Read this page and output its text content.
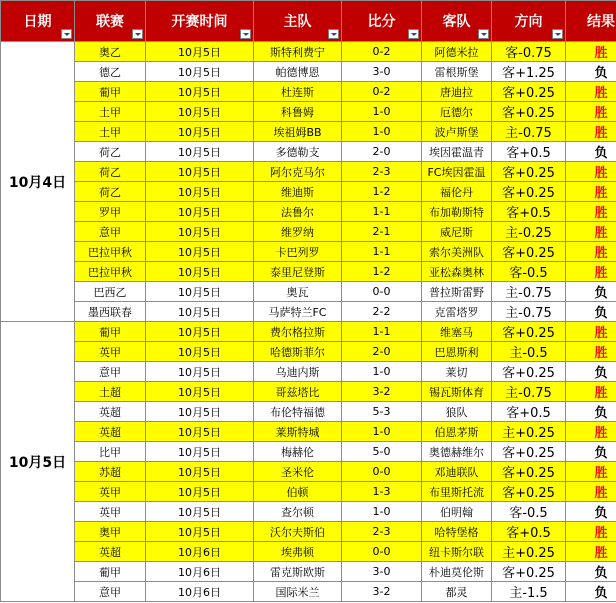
日期	联赛	开赛时间	主队	比分	客队	方向	结果

10月4日	奥乙	10月5日	斯特利费宁	0-2	阿德米拉	客-0.75	胜
	德乙	10月5日	帕德博恩	3-0	雷根斯堡	客+1.25	负
	葡甲	10月5日	杜连斯	0-2	唐迪拉	客+0.25	胜
	土甲	10月5日	科鲁姆	1-0	厄德尔	客+0.25	胜
	土甲	10月5日	埃祖姆BB	1-0	波卢斯堡	主-0.75	胜
	荷乙	10月5日	多德勒支	2-0	埃因霍温青	客+0.5	负
	荷乙	10月5日	阿尔克马尔	2-3	FC埃因霍温	客+0.25	胜
	荷乙	10月5日	维迪斯	1-2	福伦丹	客+0.25	胜
	罗甲	10月5日	法鲁尔	1-1	布加勒斯特	客+0.5	胜
	意甲	10月5日	维罗纳	2-1	威尼斯	主-0.25	胜
	巴拉甲秋	10月5日	卡巴列罗	1-1	索尔美洲队	客+0.25	胜
	巴拉甲秋	10月5日	泰里尼登斯	1-2	亚松森奥林	客-0.5	胜
	巴西乙	10月5日	奥瓦	0-0	普拉斯雷野	主-0.75	负
	墨西联春	10月5日	马萨特兰FC	2-2	克雷塔罗	主-0.75	负
10月5日	葡甲	10月5日	费尔格拉斯	1-1	维塞马	客+0.25	胜
	英甲	10月5日	哈德斯菲尔	2-0	巴恩斯利	主-0.5	胜
	意甲	10月5日	乌迪内斯	1-0	莱切	客+0.25	负
	土超	10月5日	哥兹塔比	3-2	锡瓦斯体育	主-0.75	胜
	英超	10月5日	布伦特福德	5-3	狼队	客+0.5	负
	英超	10月5日	莱斯特城	1-0	伯恩茅斯	主+0.25	胜
	比甲	10月5日	梅赫伦	5-0	奥德赫维尔	客+0.25	负
	苏超	10月5日	圣米伦	0-0	邓迪联队	客+0.25	胜
	英甲	10月5日	伯顿	1-3	布里斯托流	客+0.25	胜
	英甲	10月5日	查尔顿	1-0	伯明翰	客-0.5	负
	奥甲	10月5日	沃尔夫斯伯	2-3	哈特堡格	客+0.5	胜
	英超	10月6日	埃弗顿	0-0	纽卡斯尔联	主+0.25	胜
	葡甲	10月6日	雷克斯欧斯	3-0	朴迪莫伦斯	客+0.25	负
	意甲	10月6日	国际米兰	3-2	都灵	主-1.5	负
